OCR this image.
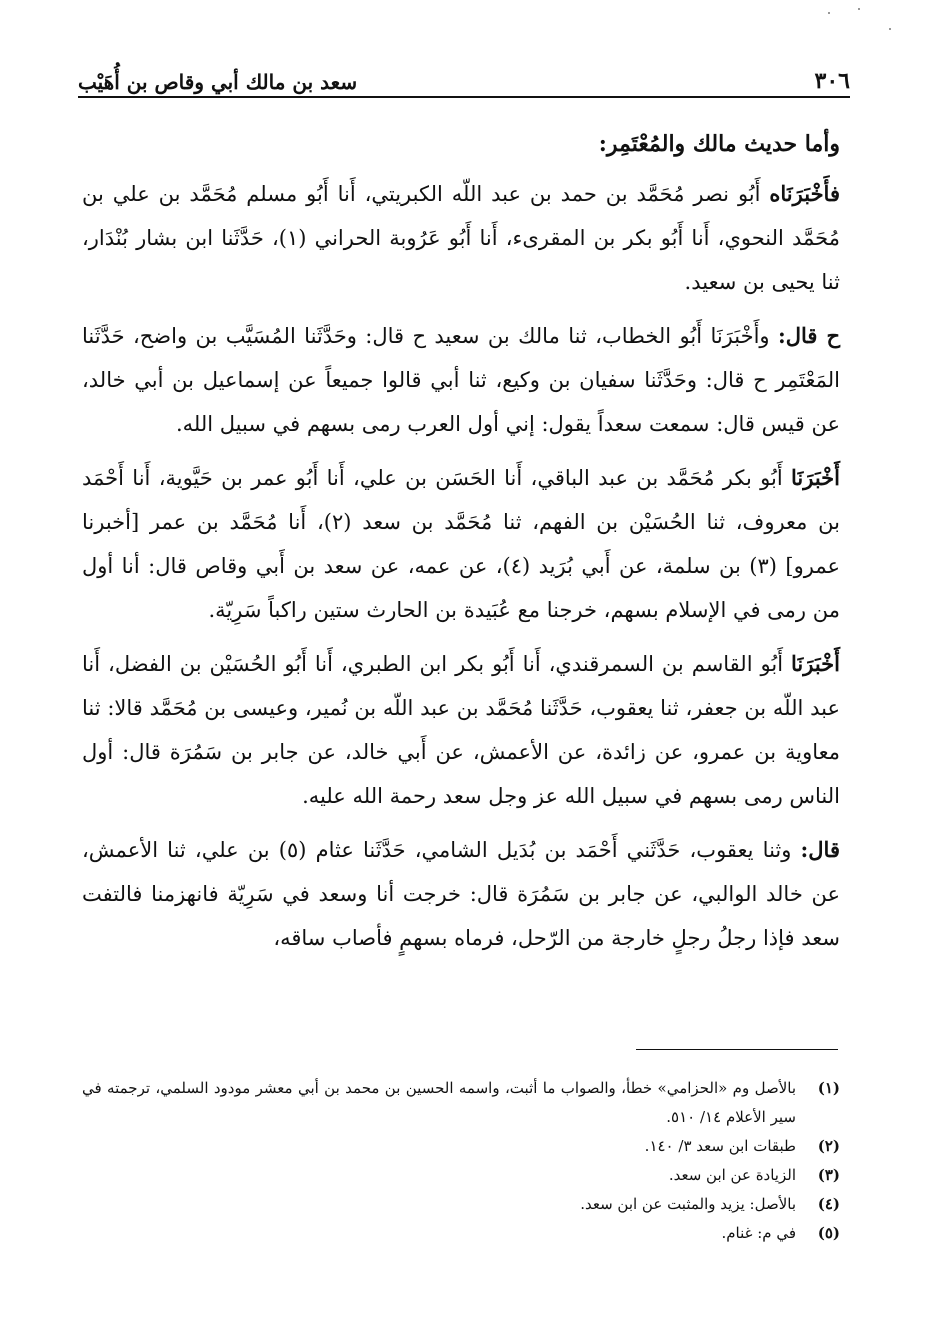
٣٠٦
سعد بن مالك أبي وقاص بن أُهَيْب
وأما حديث مالك والمُعْتَمِر:

فأَخْبَرَنَاه أَبُو نصر مُحَمَّد بن حمد بن عبد اللّه الكبريتي، أَنا أَبُو مسلم مُحَمَّد بن علي بن مُحَمَّد النحوي، أَنا أَبُو بكر بن المقرىء، أَنا أَبُو عَرُوبة الحراني (١)، حَدَّثَنا ابن بشار بُنْدَار، ثنا يحيى بن سعيد.

ح قال: وأَخْبَرَنَا أَبُو الخطاب، ثنا مالك بن سعيد ح قال: وحَدَّثَنا المُسَيَّب بن واضح، حَدَّثَنا المَعْتَمِر ح قال: وحَدَّثَنا سفيان بن وكيع، ثنا أبي قالوا جميعاً عن إسماعيل بن أبي خالد، عن قيس قال: سمعت سعداً يقول: إني أول العرب رمى بسهم في سبيل الله.

أَخْبَرَنَا أَبُو بكر مُحَمَّد بن عبد الباقي، أَنا الحَسَن بن علي، أَنا أَبُو عمر بن حَيَّوية، أَنا أَحْمَد بن معروف، ثنا الحُسَيْن بن الفهم، ثنا مُحَمَّد بن سعد (٢)، أَنا مُحَمَّد بن عمر [أخبرنا عمرو] (٣) بن سلمة، عن أَبي بُرَيد (٤)، عن عمه، عن سعد بن أَبي وقاص قال: أنا أول من رمى في الإسلام بسهم، خرجنا مع عُبَيدة بن الحارث ستين راكباً سَرِيّة.

أَخْبَرَنَا أَبُو القاسم بن السمرقندي، أَنا أَبُو بكر ابن الطبري، أَنا أَبُو الحُسَيْن بن الفضل، أَنا عبد اللّه بن جعفر، ثنا يعقوب، حَدَّثَنا مُحَمَّد بن عبد اللّه بن نُمير، وعيسى بن مُحَمَّد قالا: ثنا معاوية بن عمرو، عن زائدة، عن الأعمش، عن أَبي خالد، عن جابر بن سَمُرَة قال: أول الناس رمى بسهم في سبيل الله عز وجل سعد رحمة الله عليه.

قال: وثنا يعقوب، حَدَّثَني أَحْمَد بن بُدَيل الشامي، حَدَّثَنا عثام (٥) بن علي، ثنا الأعمش، عن خالد الوالبي، عن جابر بن سَمُرَة قال: خرجت أنا وسعد في سَرِيّة فانهزمنا فالتفت سعد فإذا رجلُ رجلٍ خارجة من الرّحل، فرماه بسهمٍ فأصاب ساقه،

(١)
بالأصل وم «الحزامي» خطأ، والصواب ما أثبت، واسمه الحسين بن محمد بن أبي معشر مودود السلمي، ترجمته في سير الأعلام ١٤/ ٥١٠.
(٢)
طبقات ابن سعد ٣/ ١٤٠.
(٣)
الزيادة عن ابن سعد.
(٤)
بالأصل: يزيد والمثبت عن ابن سعد.
(٥)
في م: غنام.
